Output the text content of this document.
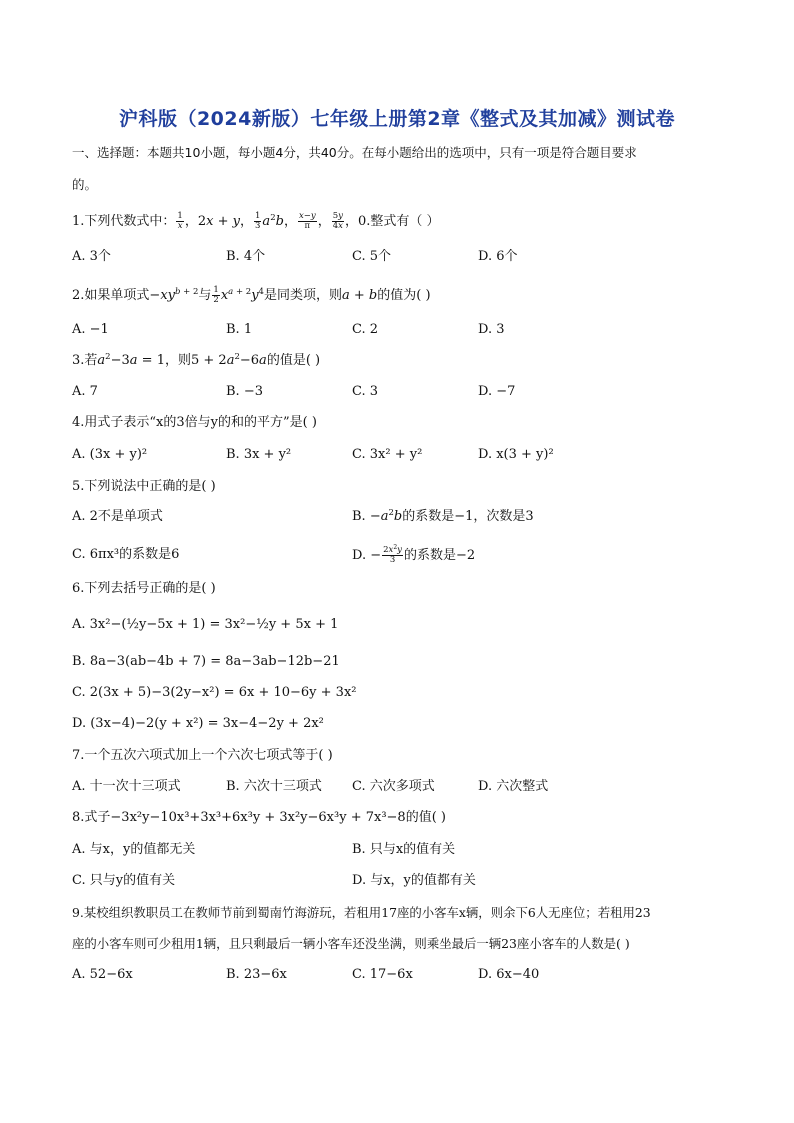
沪科版（2024新版）七年级上册第2章《整式及其加减》测试卷
一、选择题：本题共10小题，每小题4分，共40分。在每小题给出的选项中，只有一项是符合题目要求
的。
1.下列代数式中： $\frac{1}{x}$ ，2x + y， $\frac{1}{3} a^2b$， $\frac{x-y}{\pi}$ ， $\frac{5y}{4x}$ ，0.整式有（ ）
A. 3个	B. 4个	C. 5个	D. 6个
2.如果单项式$-xy^{b + 2}$与 $\frac{1}{2} x^{a + 2}y^4$是同类项，则a + b的值为( )
A. −1	B. 1	C. 2	D. 3
3.若$a^2-3a = 1$，则$5 + 2a^2-6a$的值是( )
A. 7	B. −3	C. 3	D. −7
4.用式子表示“x的3倍与y的和的平方”是( )
A. (3x + y)²	B. 3x + y²	C. 3x² + y²	D. x(3 + y)²
5.下列说法中正确的是( )
A. 2不是单项式	B. $-a^2b$的系数是−1，次数是3
C. 6πx³的系数是6	D. − $\frac{2x^2y}{3}$ 的系数是−2
6.下列去括号正确的是( )
A. 3x²−(½y−5x + 1) = 3x²−½y + 5x + 1
B. 8a−3(ab−4b + 7) = 8a−3ab−12b−21
C. 2(3x + 5)−3(2y−x²) = 6x + 10−6y + 3x²
D. (3x−4)−2(y + x²) = 3x−4−2y + 2x²
7.一个五次六项式加上一个六次七项式等于( )
A. 十一次十三项式	B. 六次十三项式 C. 六次多项式	D. 六次整式
8.式子−3x²y−10x³+3x³+6x³y + 3x²y−6x³y + 7x³−8的值( )
A. 与x，y的值都无关	B. 只与x的值有关
C. 只与y的值有关	D. 与x，y的值都有关
9.某校组织教职员工在教师节前到蜀南竹海游玩，若租用17座的小客车x辆，则余下6人无座位；若租用23
座的小客车则可少租用1辆，且只剩最后一辆小客车还没坐满，则乘坐最后一辆23座小客车的人数是( )
A. 52−6x	B. 23−6x	C. 17−6x	D. 6x−40
